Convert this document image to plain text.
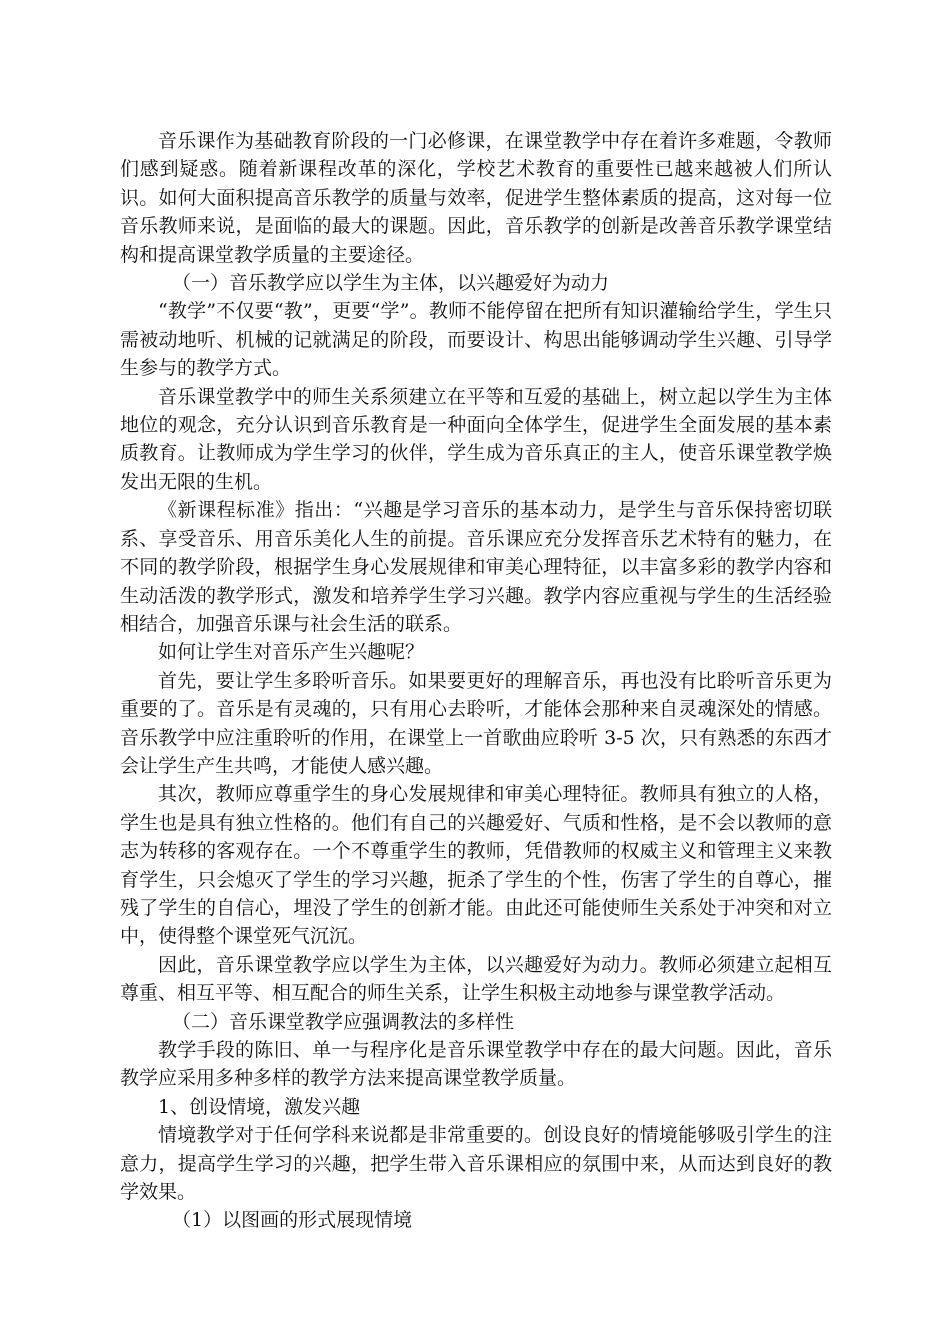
音乐课作为基础教育阶段的一门必修课，在课堂教学中存在着许多难题，令教师们感到疑惑。随着新课程改革的深化，学校艺术教育的重要性已越来越被人们所认识。如何大面积提高音乐教学的质量与效率，促进学生整体素质的提高，这对每一位音乐教师来说，是面临的最大的课题。因此，音乐教学的创新是改善音乐教学课堂结构和提高课堂教学质量的主要途径。

（一）音乐教学应以学生为主体，以兴趣爱好为动力

“教学”不仅要“教”，更要“学”。教师不能停留在把所有知识灌输给学生，学生只需被动地听、机械的记就满足的阶段，而要设计、构思出能够调动学生兴趣、引导学生参与的教学方式。

音乐课堂教学中的师生关系须建立在平等和互爱的基础上，树立起以学生为主体地位的观念，充分认识到音乐教育是一种面向全体学生，促进学生全面发展的基本素质教育。让教师成为学生学习的伙伴，学生成为音乐真正的主人，使音乐课堂教学焕发出无限的生机。

《新课程标准》指出：“兴趣是学习音乐的基本动力，是学生与音乐保持密切联系、享受音乐、用音乐美化人生的前提。音乐课应充分发挥音乐艺术特有的魅力，在不同的教学阶段，根据学生身心发展规律和审美心理特征，以丰富多彩的教学内容和生动活泼的教学形式，激发和培养学生学习兴趣。教学内容应重视与学生的生活经验相结合，加强音乐课与社会生活的联系。

如何让学生对音乐产生兴趣呢？

首先，要让学生多聆听音乐。如果要更好的理解音乐，再也没有比聆听音乐更为重要的了。音乐是有灵魂的，只有用心去聆听，才能体会那种来自灵魂深处的情感。音乐教学中应注重聆听的作用，在课堂上一首歌曲应聆听 3-5 次，只有熟悉的东西才会让学生产生共鸣，才能使人感兴趣。

其次，教师应尊重学生的身心发展规律和审美心理特征。教师具有独立的人格，学生也是具有独立性格的。他们有自己的兴趣爱好、气质和性格，是不会以教师的意志为转移的客观存在。一个不尊重学生的教师，凭借教师的权威主义和管理主义来教育学生，只会熄灭了学生的学习兴趣，扼杀了学生的个性，伤害了学生的自尊心，摧残了学生的自信心，埋没了学生的创新才能。由此还可能使师生关系处于冲突和对立中，使得整个课堂死气沉沉。

因此，音乐课堂教学应以学生为主体，以兴趣爱好为动力。教师必须建立起相互尊重、相互平等、相互配合的师生关系，让学生积极主动地参与课堂教学活动。

（二）音乐课堂教学应强调教法的多样性

教学手段的陈旧、单一与程序化是音乐课堂教学中存在的最大问题。因此，音乐教学应采用多种多样的教学方法来提高课堂教学质量。

1、创设情境，激发兴趣

情境教学对于任何学科来说都是非常重要的。创设良好的情境能够吸引学生的注意力，提高学生学习的兴趣，把学生带入音乐课相应的氛围中来，从而达到良好的教学效果。

（1）以图画的形式展现情境
